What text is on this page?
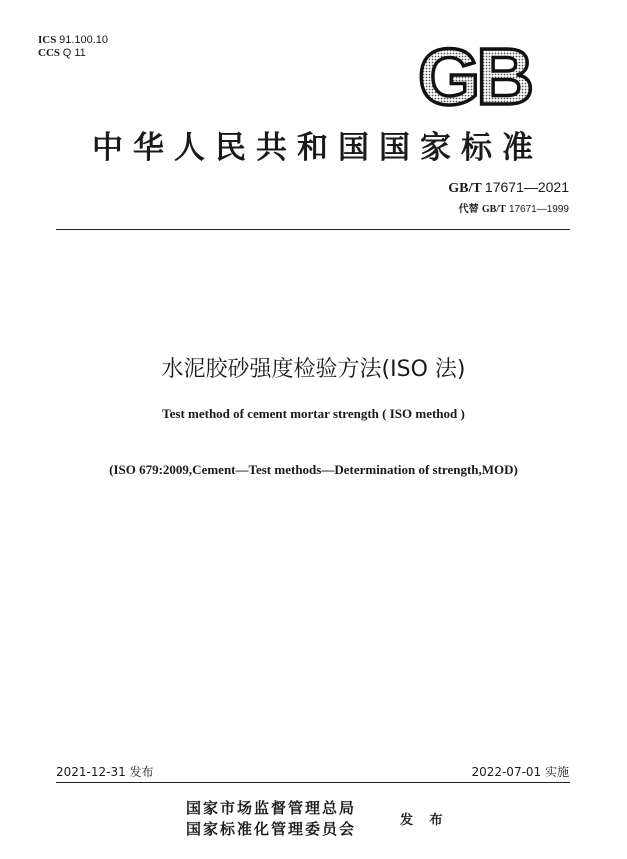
ICS 91.100.10
CCS Q 11	GB
中华人民共和国国家标准
GB/T 17671—2021
代替 GB/T 17671—1999
水泥胶砂强度检验方法(ISO 法)
Test method of cement mortar strength ( ISO method )
(ISO 679:2009,Cement—Test methods—Determination of strength,MOD)
2021-12-31 发布	2022-07-01 实施
国家市场监督管理总局
国家标准化管理委员会	发 布
